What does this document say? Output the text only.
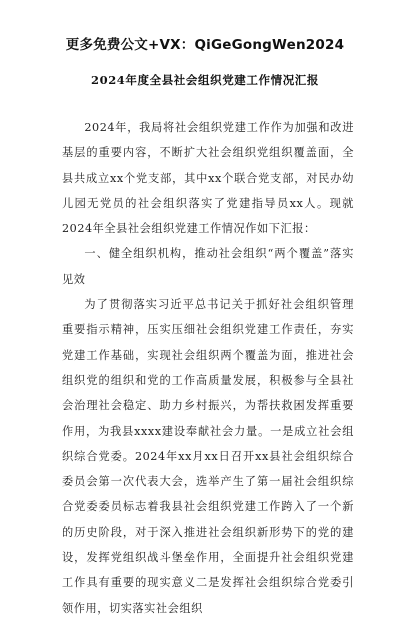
更多免费公文+VX：QiGeGongWen2024
2024年度全县社会组织党建工作情况汇报

2024年，我局将社会组织党建工作作为加强和改进基层的重要内容，不断扩大社会组织党组织覆盖面，全县共成立xx个党支部，其中xx个联合党支部，对民办幼儿园无党员的社会组织落实了党建指导员xx人。现就2024年全县社会组织党建工作情况作如下汇报：

一、健全组织机构，推动社会组织“两个覆盖”落实见效

为了贯彻落实习近平总书记关于抓好社会组织管理重要指示精神，压实压细社会组织党建工作责任，夯实党建工作基础，实现社会组织两个覆盖为面，推进社会组织党的组织和党的工作高质量发展，积极参与全县社会治理社会稳定、助力乡村振兴，为帮扶救困发挥重要作用，为我县xxxx建设奉献社会力量。一是成立社会组织综合党委。2024年xx月xx日召开xx县社会组织综合委员会第一次代表大会，选举产生了第一届社会组织综合党委委员标志着我县社会组织党建工作跨入了一个新的历史阶段，对于深入推进社会组织新形势下的党的建设，发挥党组织战斗堡垒作用，全面提升社会组织党建工作具有重要的现实意义二是发挥社会组织综合党委引领作用，切实落实社会组织
